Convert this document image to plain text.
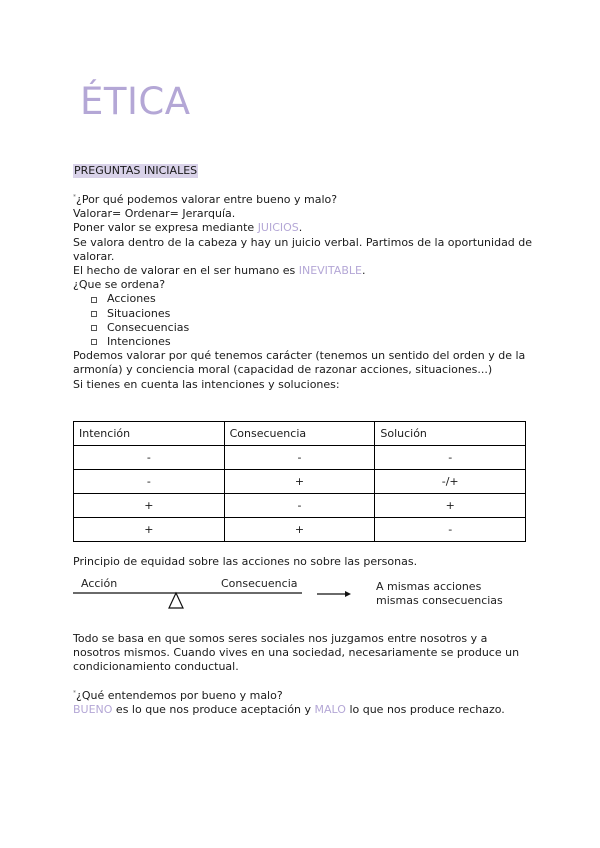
ÉTICA
PREGUNTAS INICIALES

*¿Por qué podemos valorar entre bueno y malo?

Valorar= Ordenar= Jerarquía.

Poner valor se expresa mediante JUICIOS.

Se valora dentro de la cabeza y hay un juicio verbal. Partimos de la oportunidad de valorar.

El hecho de valorar en el ser humano es INEVITABLE.

¿Que se ordena?

Acciones
Situaciones
Consecuencias
Intenciones

Podemos valorar por qué tenemos carácter (tenemos un sentido del orden y de la armonía) y conciencia moral (capacidad de razonar acciones, situaciones...)

Si tienes en cuenta las intenciones y soluciones:

Intención	Consecuencia	Solución
-	-	-
-	+	-/+
+	-	+
+	+	-
Principio de equidad sobre las acciones no sobre las personas.
Acción	Consecuencia	A mismas acciones
mismas consecuencias

Todo se basa en que somos seres sociales nos juzgamos entre nosotros y a nosotros mismos. Cuando vives en una sociedad, necesariamente se produce un condicionamiento conductual.

*¿Qué entendemos por bueno y malo?

BUENO es lo que nos produce aceptación y MALO lo que nos produce rechazo.
